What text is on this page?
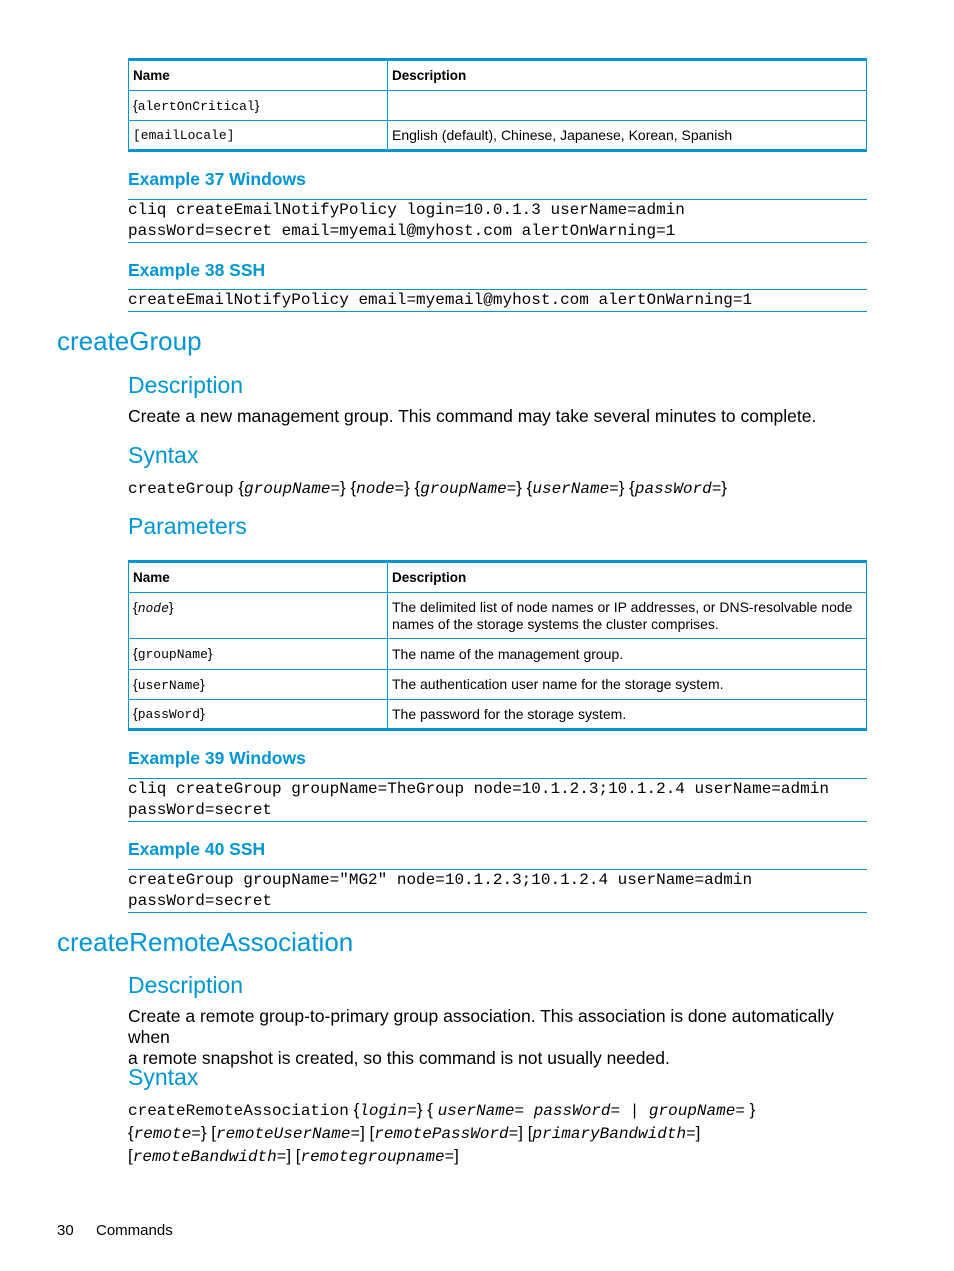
Name	Description
{alertOnCritical}	
[emailLocale]	English (default), Chinese, Japanese, Korean, Spanish
Example 37 Windows
cliq createEmailNotifyPolicy login=10.0.1.3 userName=admin
passWord=secret email=myemail@myhost.com alertOnWarning=1
Example 38 SSH
createEmailNotifyPolicy email=myemail@myhost.com alertOnWarning=1
createGroup
Description
Create a new management group. This command may take several minutes to complete.
Syntax
createGroup {groupName=} {node=} {groupName=} {userName=} {passWord=}
Parameters
Name	Description
{node}	The delimited list of node names or IP addresses, or DNS-resolvable node names of the storage systems the cluster comprises.
{groupName}	The name of the management group.
{userName}	The authentication user name for the storage system.
{passWord}	The password for the storage system.
Example 39 Windows
cliq createGroup groupName=TheGroup node=10.1.2.3;10.1.2.4 userName=admin
passWord=secret
Example 40 SSH
createGroup groupName="MG2" node=10.1.2.3;10.1.2.4 userName=admin
passWord=secret
createRemoteAssociation
Description
Create a remote group-to-primary group association. This association is done automatically when
a remote snapshot is created, so this command is not usually needed.
Syntax
createRemoteAssociation {login=} { userName= passWord= | groupName= }
{remote=} [remoteUserName=] [remotePassWord=] [primaryBandwidth=]
[remoteBandwidth=] [remotegroupname=]
30 Commands
